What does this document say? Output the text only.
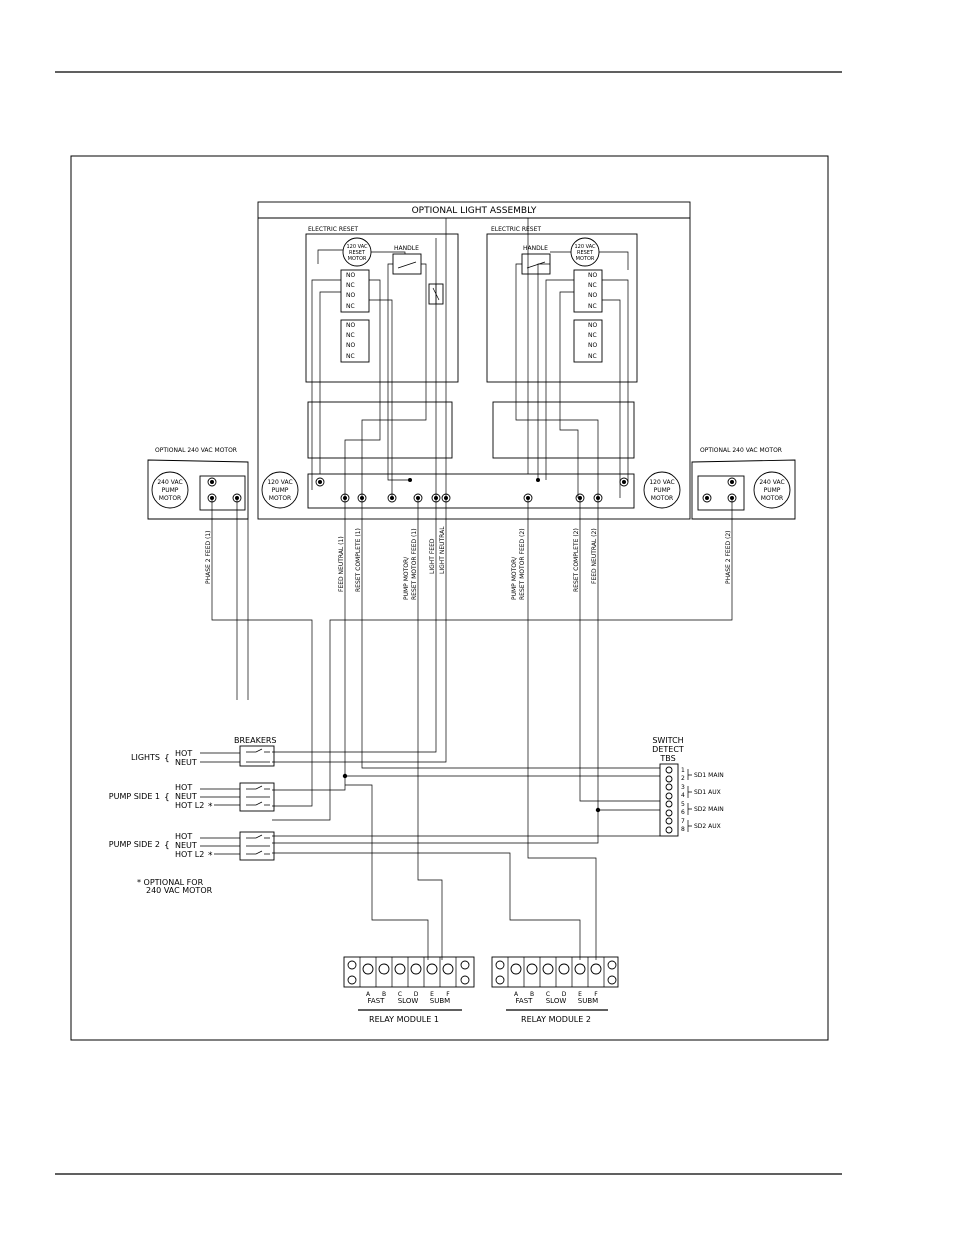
OPTIONAL LIGHT ASSEMBLY
ELECTRIC RESET
120 VAC
RESET
MOTOR
HANDLE
NO
NC
NO
NC
NO
NC
NO
NC
ELECTRIC RESET
120 VAC
RESET
MOTOR
HANDLE
NO
NC
NO
NC
NO
NC
NO
NC
OPTIONAL 240 VAC MOTOR
240 VAC
PUMP
MOTOR
120 VAC
PUMP
MOTOR
OPTIONAL 240 VAC MOTOR
240 VAC
PUMP
MOTOR
120 VAC
PUMP
MOTOR
PHASE 2 FEED (1)	FEED NEUTRAL (1) RESET COMPLETE (1)	PUMP MOTOR/ RESET MOTOR FEED (1) LIGHT FEED LIGHT NEUTRAL
PUMP MOTOR/ RESET MOTOR FEED (2)	RESET COMPLETE (2) FEED NEUTRAL (2)	PHASE 2 FEED (2)
BREAKERS
LIGHTS {
HOT
NEUT
PUMP SIDE 1 {
HOT
NEUT
HOT L2 *
PUMP SIDE 2 {
HOT
NEUT
HOT L2 *
* OPTIONAL FOR
240 VAC MOTOR
SWITCH
DETECT
TBS
1
2
3
4
5
6
7
8
SD1 MAIN
SD1 AUX
SD2 MAIN
SD2 AUX
A B C D E F
FAST SLOW SUBM
RELAY MODULE 1
A B C D E F
FAST SLOW SUBM
RELAY MODULE 2
